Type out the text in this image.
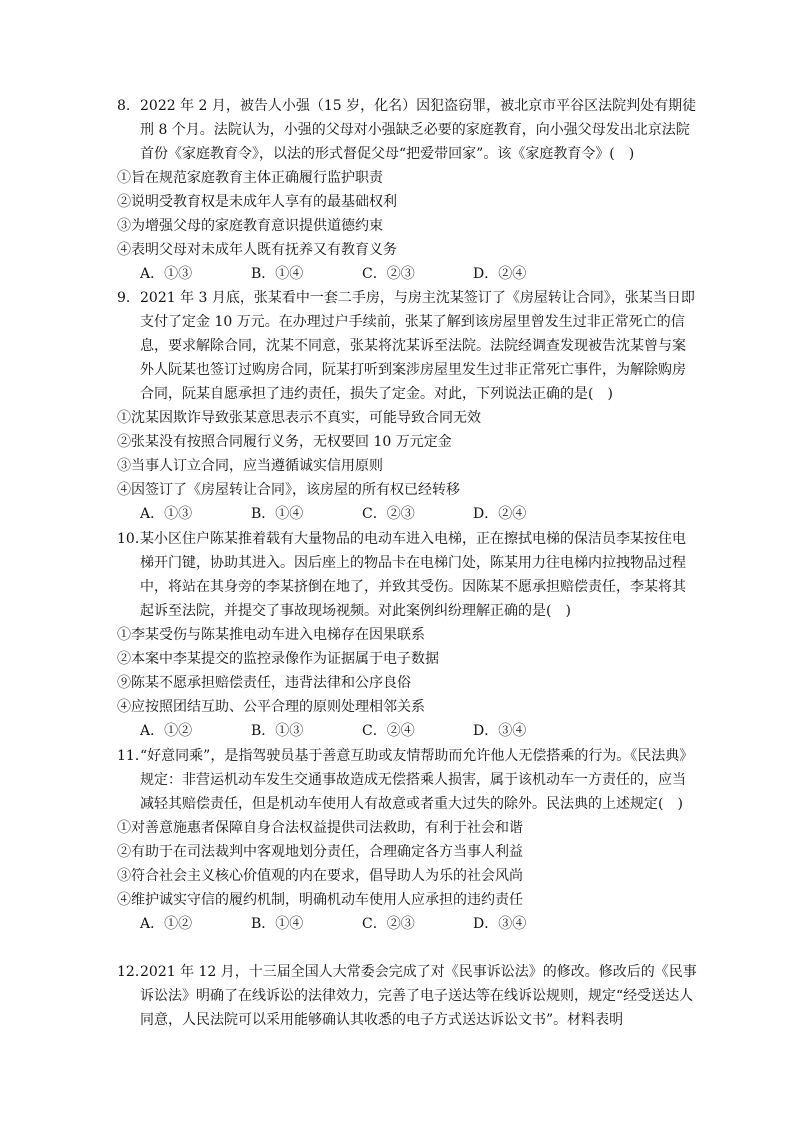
8. 2022 年 2 月，被告人小强（15 岁，化名）因犯盗窃罪，被北京市平谷区法院判处有期徒刑 8 个月。法院认为，小强的父母对小强缺乏必要的家庭教育，向小强父母发出北京法院首份《家庭教育令》，以法的形式督促父母“把爱带回家”。该《家庭教育令》(　)
①旨在规范家庭教育主体正确履行监护职责
②说明受教育权是未成年人享有的最基础权利
③为增强父母的家庭教育意识提供道德约束
④表明父母对未成年人既有抚养又有教育义务
A．①③	B．①④	C．②③	D．②④
9．2021 年 3 月底，张某看中一套二手房，与房主沈某签订了《房屋转让合同》，张某当日即支付了定金 10 万元。在办理过户手续前，张某了解到该房屋里曾发生过非正常死亡的信息，要求解除合同，沈某不同意，张某将沈某诉至法院。法院经调查发现被告沈某曾与案外人阮某也签订过购房合同，阮某打听到案涉房屋里发生过非正常死亡事件，为解除购房合同，阮某自愿承担了违约责任，损失了定金。对此，下列说法正确的是(　)
①沈某因欺诈导致张某意思表示不真实，可能导致合同无效
②张某没有按照合同履行义务，无权要回 10 万元定金
③当事人订立合同，应当遵循诚实信用原则
④因签订了《房屋转让合同》，该房屋的所有权已经转移
A．①③	B．①④	C．②③	D．②④
10．某小区住户陈某推着载有大量物品的电动车进入电梯，正在擦拭电梯的保洁员李某按住电梯开门键，协助其进入。因后座上的物品卡在电梯门处，陈某用力往电梯内拉拽物品过程中，将站在其身旁的李某挤倒在地了，并致其受伤。因陈某不愿承担赔偿责任，李某将其起诉至法院，并提交了事故现场视频。对此案例纠纷理解正确的是(　)
①李某受伤与陈某推电动车进入电梯存在因果联系
②本案中李某提交的监控录像作为证据属于电子数据
⑨陈某不愿承担赔偿责任，违背法律和公序良俗
④应按照团结互助、公平合理的原则处理相邻关系
A．①②	B．①③	C．②④	D．③④
11．“好意同乘”，是指驾驶员基于善意互助或友情帮助而允许他人无偿搭乘的行为。《民法典》规定：非营运机动车发生交通事故造成无偿搭乘人损害，属于该机动车一方责任的，应当减轻其赔偿责任，但是机动车使用人有故意或者重大过失的除外。民法典的上述规定(　)
①对善意施惠者保障自身合法权益提供司法救助，有利于社会和谐
②有助于在司法裁判中客观地划分责任，合理确定各方当事人利益
③符合社会主义核心价值观的内在要求，倡导助人为乐的社会风尚
④维护诚实守信的履约机制，明确机动车使用人应承担的违约责任
A．①②	B．①④	C．②③	D．③④
12．2021 年 12 月，十三届全国人大常委会完成了对《民事诉讼法》的修改。修改后的《民事诉讼法》明确了在线诉讼的法律效力，完善了电子送达等在线诉讼规则，规定“经受送达人同意，人民法院可以采用能够确认其收悉的电子方式送达诉讼文书”。材料表明
